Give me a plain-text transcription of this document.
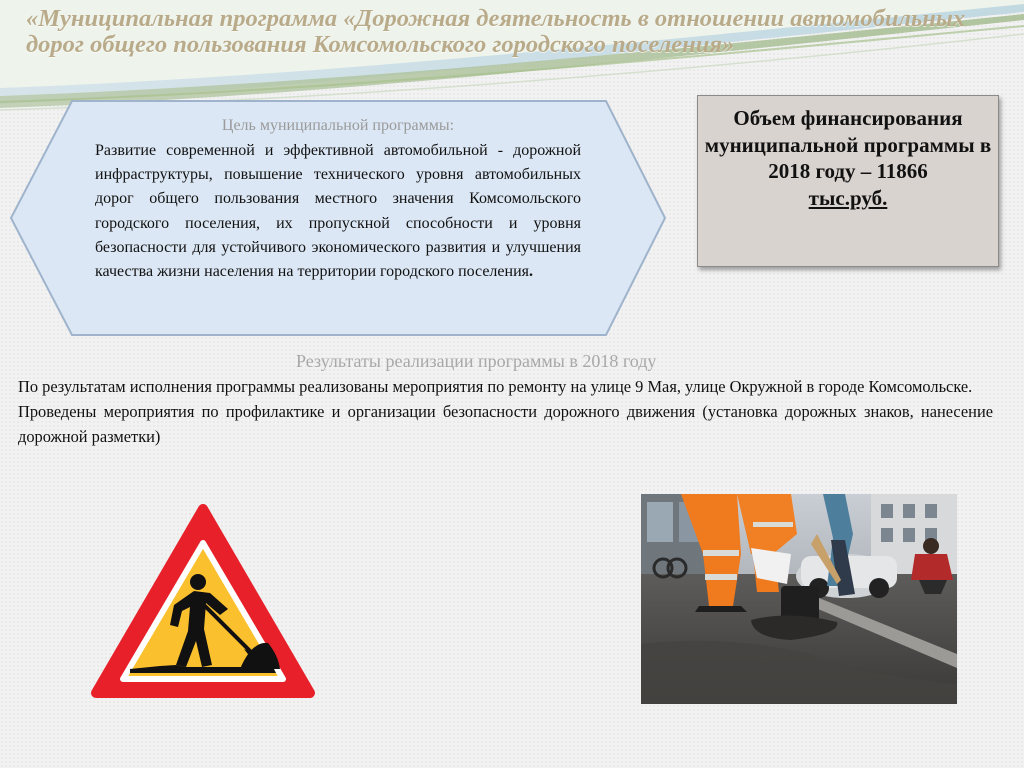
«Муниципальная программа «Дорожная деятельность в отношении автомобильных дорог общего пользования Комсомольского городского поселения»
Цель муниципальной программы:
Развитие современной и эффективной автомобильной - дорожной инфраструктуры, повышение технического уровня автомобильных дорог общего пользования местного значения Комсомольского городского поселения, их пропускной способности и уровня безопасности для устойчивого экономического развития и улучшения качества жизни населения на территории городского поселения.
Объем финансирования муниципальной программы в 2018 году – 11866
тыс.руб.
Результаты реализации программы в 2018 году

По результатам исполнения программы реализованы мероприятия по ремонту на улице 9 Мая, улице Окружной в городе Комсомольске.

Проведены мероприятия по профилактике и организации безопасности дорожного движения (установка дорожных знаков, нанесение дорожной разметки)
